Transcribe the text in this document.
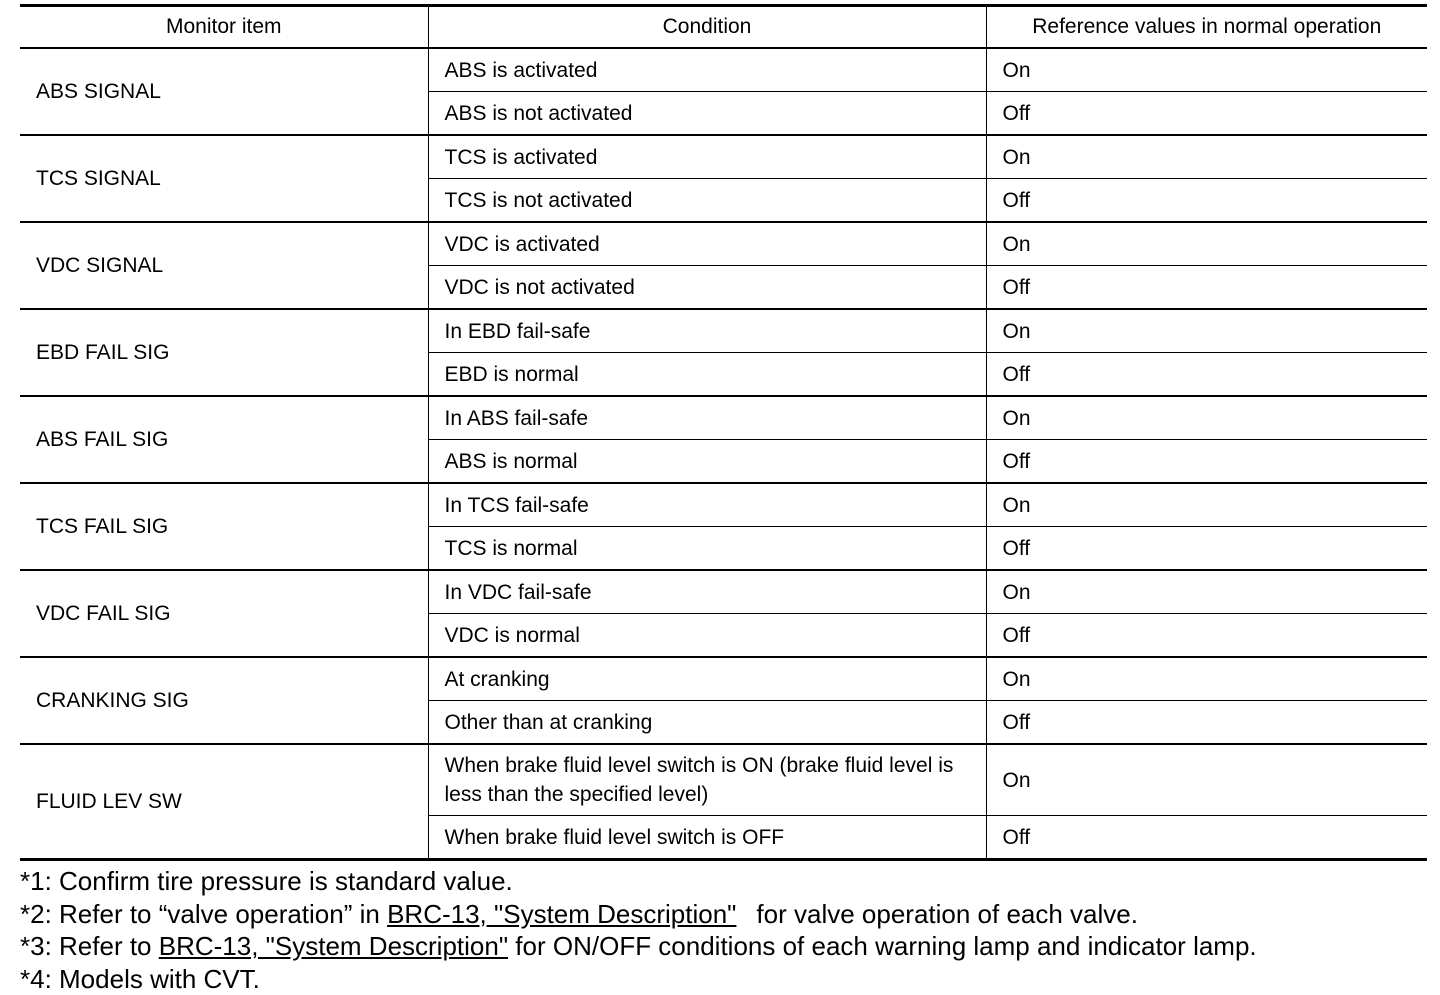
Monitor item	Condition	Reference values in normal operation
ABS SIGNAL	ABS is activated	On
	ABS is not activated	Off
TCS SIGNAL	TCS is activated	On
	TCS is not activated	Off
VDC SIGNAL	VDC is activated	On
	VDC is not activated	Off
EBD FAIL SIG	In EBD fail-safe	On
	EBD is normal	Off
ABS FAIL SIG	In ABS fail-safe	On
	ABS is normal	Off
TCS FAIL SIG	In TCS fail-safe	On
	TCS is normal	Off
VDC FAIL SIG	In VDC fail-safe	On
	VDC is normal	Off
CRANKING SIG	At cranking	On
	Other than at cranking	Off
FLUID LEV SW	When brake fluid level switch is ON (brake fluid level is less than the specified level)	On
	When brake fluid level switch is OFF	Off
*1: Confirm tire pressure is standard value.
*2: Refer to “valve operation” in BRC-13, "System Description" for valve operation of each valve.
*3: Refer to BRC-13, "System Description" for ON/OFF conditions of each warning lamp and indicator lamp.
*4: Models with CVT.
